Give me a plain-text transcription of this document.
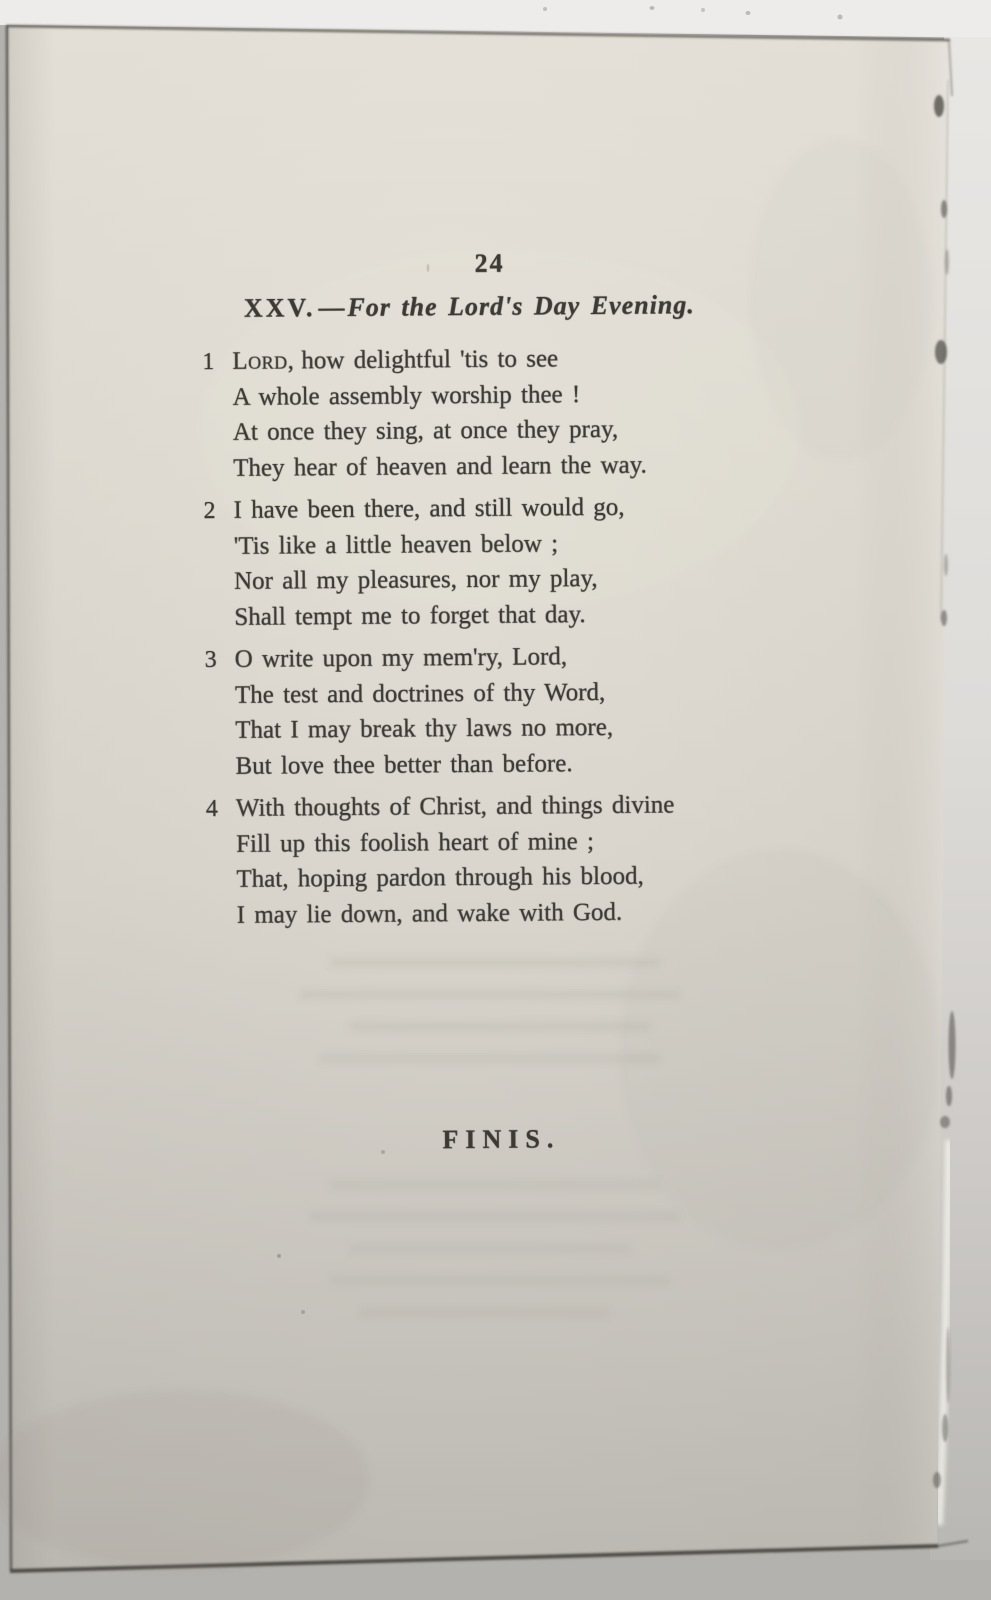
24
XXV. — For the Lord's Day Evening.
1 Lord, how delightful 'tis to see
A whole assembly worship thee !
At once they sing, at once they pray,
They hear of heaven and learn the way.
2 I have been there, and still would go,
'Tis like a little heaven below ;
Nor all my pleasures, nor my play,
Shall tempt me to forget that day.
3 O write upon my mem'ry, Lord,
The test and doctrines of thy Word,
That I may break thy laws no more,
But love thee better than before.
4 With thoughts of Christ, and things divine
Fill up this foolish heart of mine ;
That, hoping pardon through his blood,
I may lie down, and wake with God.
FINIS.
